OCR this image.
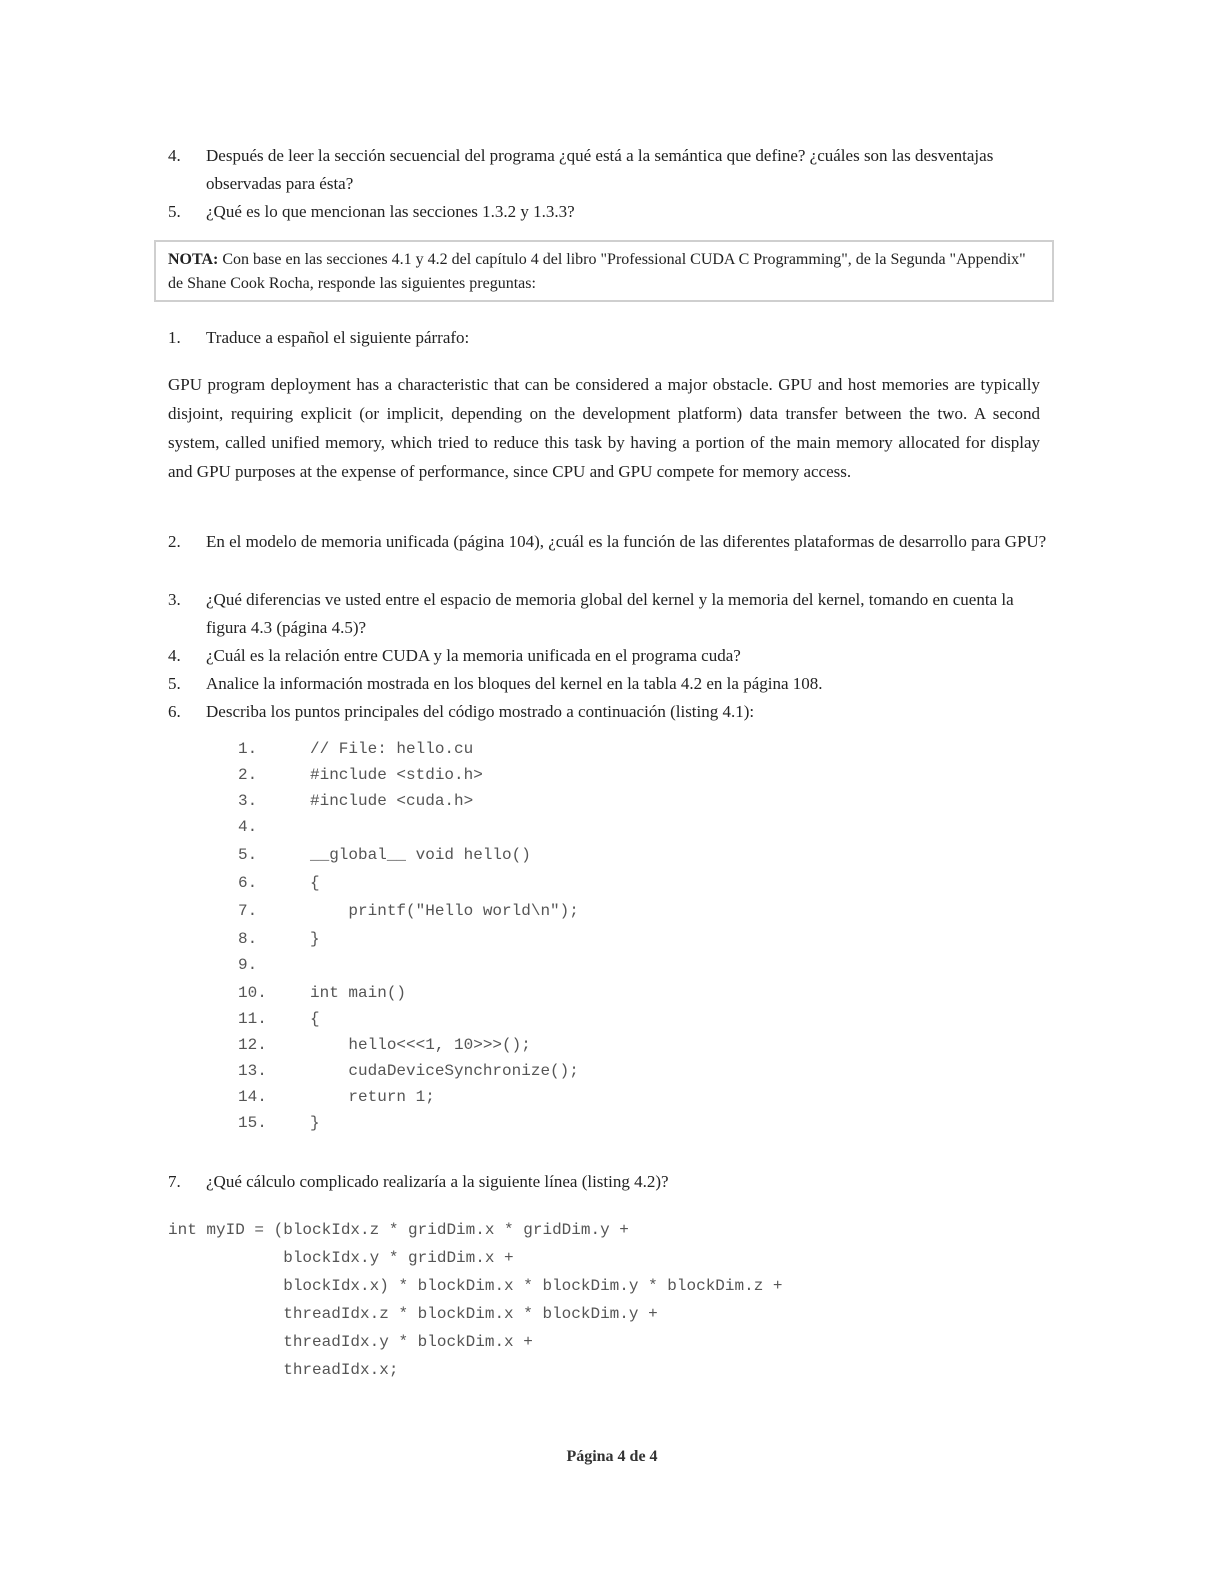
4.	Después de leer la sección secuencial del programa ¿qué está a la semántica que define? ¿cuáles son las desventajas observadas para ésta?
5.	¿Qué es lo que mencionan las secciones 1.3.2 y 1.3.3?
NOTA: Con base en las secciones 4.1 y 4.2 del capítulo 4 del libro "Professional CUDA C Programming", de la Segunda "Appendix" de Shane Cook Rocha, responde las siguientes preguntas:
1.	Traduce a español el siguiente párrafo:
GPU program deployment has a characteristic that can be considered a major obstacle. GPU and host memories are typically disjoint, requiring explicit (or implicit, depending on the development platform) data transfer between the two. A second system, called unified memory, which tried to reduce this task by having a portion of the main memory allocated for display and GPU purposes at the expense of performance, since CPU and GPU compete for memory access.
2.	En el modelo de memoria unificada (página 104), ¿cuál es la función de las diferentes plataformas de desarrollo para GPU?
3.	¿Qué diferencias ve usted entre el espacio de memoria global del kernel y la memoria del kernel, tomando en cuenta la figura 4.3 (página 4.5)?
4.	¿Cuál es la relación entre CUDA y la memoria unificada en el programa cuda?
5.	Analice la información mostrada en los bloques del kernel en la tabla 4.2 en la página 108.
6.	Describa los puntos principales del código mostrado a continuación (listing 4.1):
1.	// File: hello.cu
2.	#include <stdio.h>
3.	#include <cuda.h>
4.
5.	__global__ void hello()
6.	{
7.	printf("Hello world\n");
8.	}
9.
10.	int main()
11.	{
12.	hello<<<1, 10>>>();
13.	cudaDeviceSynchronize();
14.	return 1;
15.	}
7.	¿Qué cálculo complicado realizaría a la siguiente línea (listing 4.2)?
int myID = (blockIdx.z * gridDim.x * gridDim.y +
blockIdx.y * gridDim.x +
blockIdx.x) * blockDim.x * blockDim.y * blockDim.z +
threadIdx.z * blockDim.x * blockDim.y +
threadIdx.y * blockDim.x +
threadIdx.x;
Página 4 de 4
